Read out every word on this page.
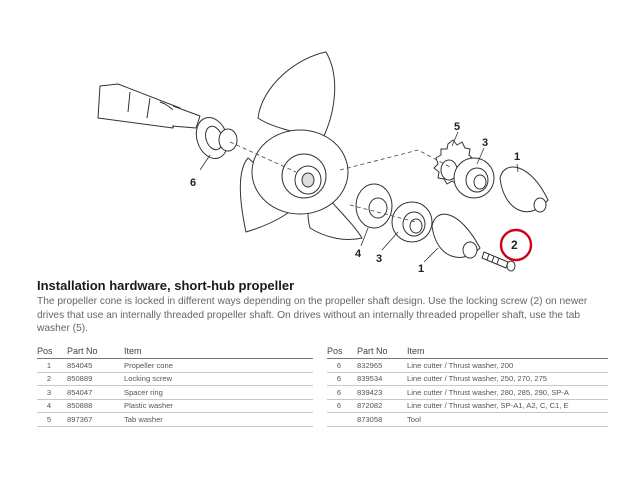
6
5
3
1
4 3
1
2
Installation hardware, short-hub propeller

The propeller cone is locked in different ways depending on the propeller shaft design. Use the locking screw (2) on newer drives that use an internally threaded propeller shaft. On drives without an internally threaded propeller shaft, use the tab washer (5).

Pos	Part No	Item
1	854045	Propeller cone
2	850889	Locking screw
3	854047	Spacer ring
4	850888	Plastic washer
5	897367	Tab washer
Pos	Part No	Item
6	832965	Line cutter / Thrust washer, 200
6	839534	Line cutter / Thrust washer, 250, 270, 275
6	839423	Line cutter / Thrust washer, 280, 285, 290, SP-A
6	872082	Line cutter / Thrust washer, SP-A1, A2, C, C1, E
	873058	Tool
